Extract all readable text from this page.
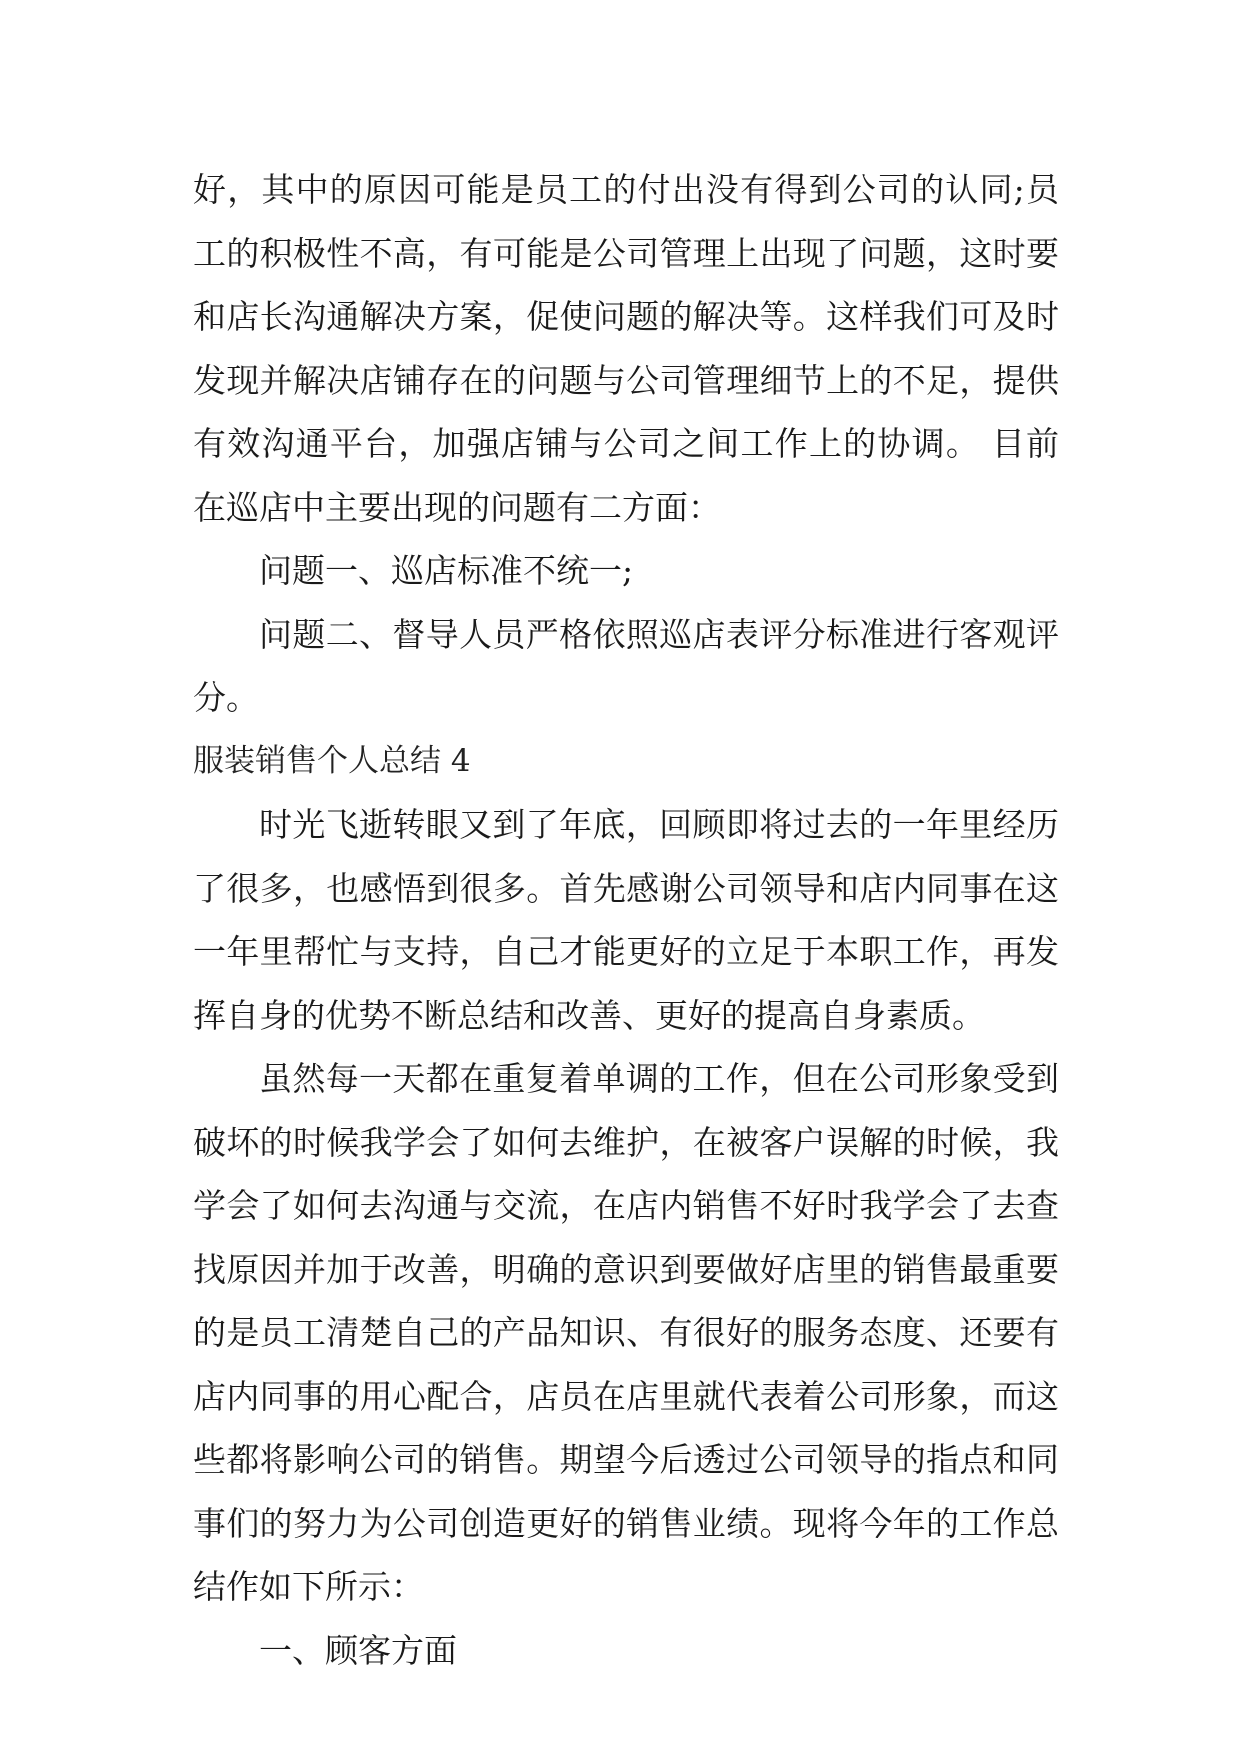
好，其中的原因可能是员工的付出没有得到公司的认同;员
工的积极性不高，有可能是公司管理上出现了问题，这时要
和店长沟通解决方案，促使问题的解决等。这样我们可及时
发现并解决店铺存在的问题与公司管理细节上的不足，提供
有效沟通平台，加强店铺与公司之间工作上的协调。 目前
在巡店中主要出现的问题有二方面：
问题一、巡店标准不统一;
问题二、督导人员严格依照巡店表评分标准进行客观评
分。
服装销售个人总结 4
时光飞逝转眼又到了年底，回顾即将过去的一年里经历
了很多，也感悟到很多。首先感谢公司领导和店内同事在这
一年里帮忙与支持，自己才能更好的立足于本职工作，再发
挥自身的优势不断总结和改善、更好的提高自身素质。
虽然每一天都在重复着单调的工作，但在公司形象受到
破坏的时候我学会了如何去维护，在被客户误解的时候，我
学会了如何去沟通与交流，在店内销售不好时我学会了去查
找原因并加于改善，明确的意识到要做好店里的销售最重要
的是员工清楚自己的产品知识、有很好的服务态度、还要有
店内同事的用心配合，店员在店里就代表着公司形象，而这
些都将影响公司的销售。期望今后透过公司领导的指点和同
事们的努力为公司创造更好的销售业绩。现将今年的工作总
结作如下所示：
一、顾客方面
